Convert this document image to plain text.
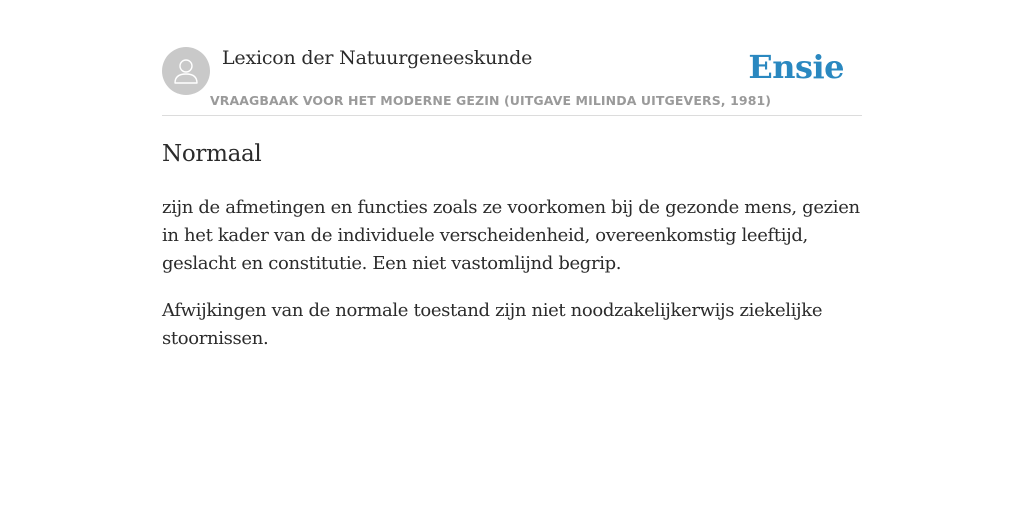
Lexicon der Natuurgeneeskunde
VRAAGBAAK VOOR HET MODERNE GEZIN (UITGAVE MILINDA UITGEVERS, 1981)
Ensie
Normaal

zijn de afmetingen en functies zoals ze voorkomen bij de gezonde mens, gezien in het kader van de individuele verscheidenheid, overeenkomstig leeftijd, geslacht en constitutie. Een niet vastomlijnd begrip.

Afwijkingen van de normale toestand zijn niet noodzakelijkerwijs ziekelijke stoornissen.
